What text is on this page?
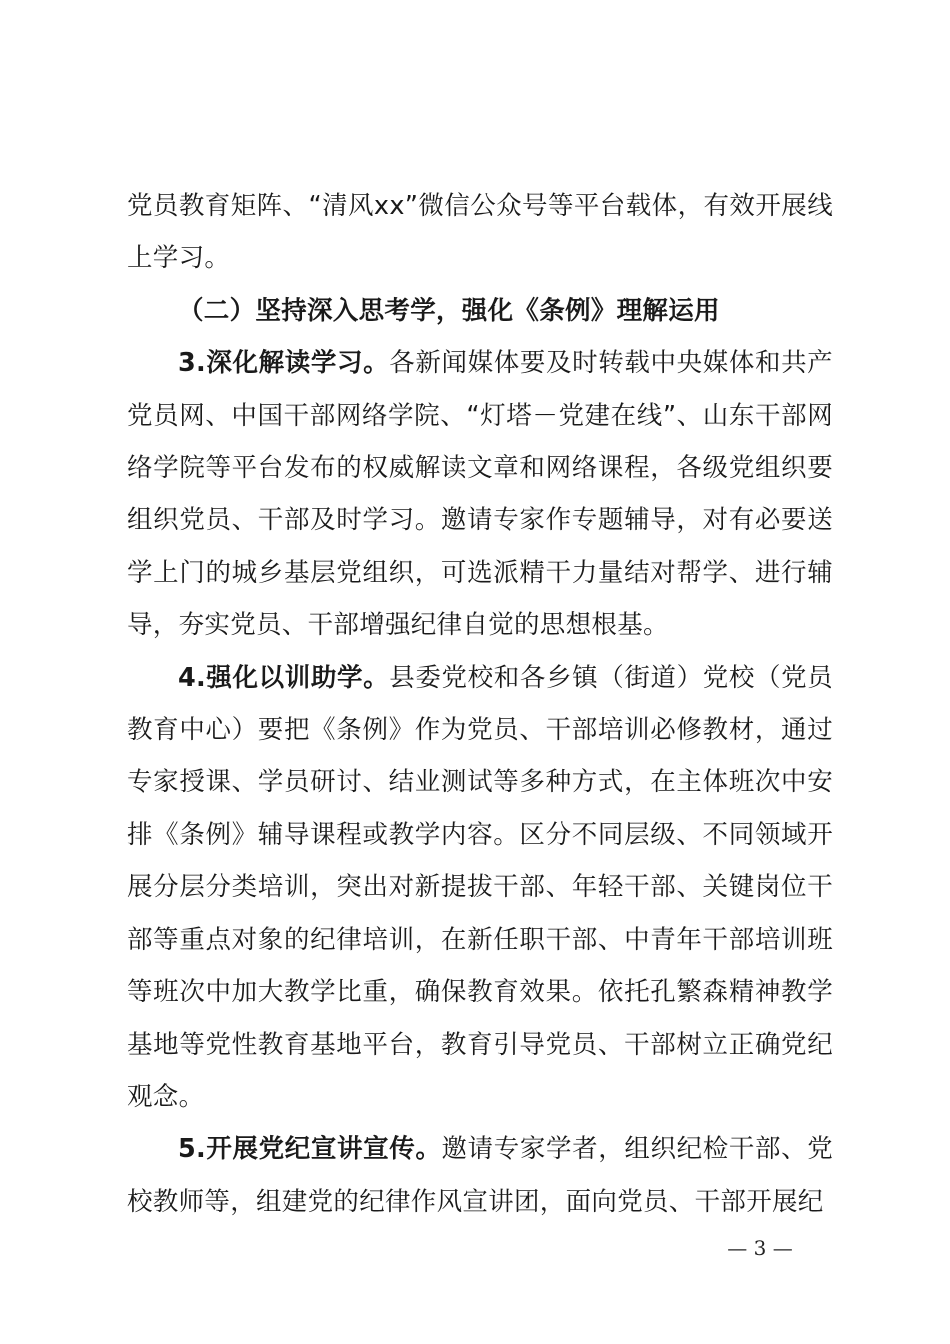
党员教育矩阵、“清风xx”微信公众号等平台载体，有效开展线上学习。

（二）坚持深入思考学，强化《条例》理解运用

3.深化解读学习。各新闻媒体要及时转载中央媒体和共产党员网、中国干部网络学院、“灯塔－党建在线”、山东干部网络学院等平台发布的权威解读文章和网络课程，各级党组织要组织党员、干部及时学习。邀请专家作专题辅导，对有必要送学上门的城乡基层党组织，可选派精干力量结对帮学、进行辅导，夯实党员、干部增强纪律自觉的思想根基。

4.强化以训助学。县委党校和各乡镇（街道）党校（党员教育中心）要把《条例》作为党员、干部培训必修教材，通过专家授课、学员研讨、结业测试等多种方式，在主体班次中安排《条例》辅导课程或教学内容。区分不同层级、不同领域开展分层分类培训，突出对新提拔干部、年轻干部、关键岗位干部等重点对象的纪律培训，在新任职干部、中青年干部培训班等班次中加大教学比重，确保教育效果。依托孔繁森精神教学基地等党性教育基地平台，教育引导党员、干部树立正确党纪观念。

5.开展党纪宣讲宣传。邀请专家学者，组织纪检干部、党校教师等，组建党的纪律作风宣讲团，面向党员、干部开展纪

— 3 —
